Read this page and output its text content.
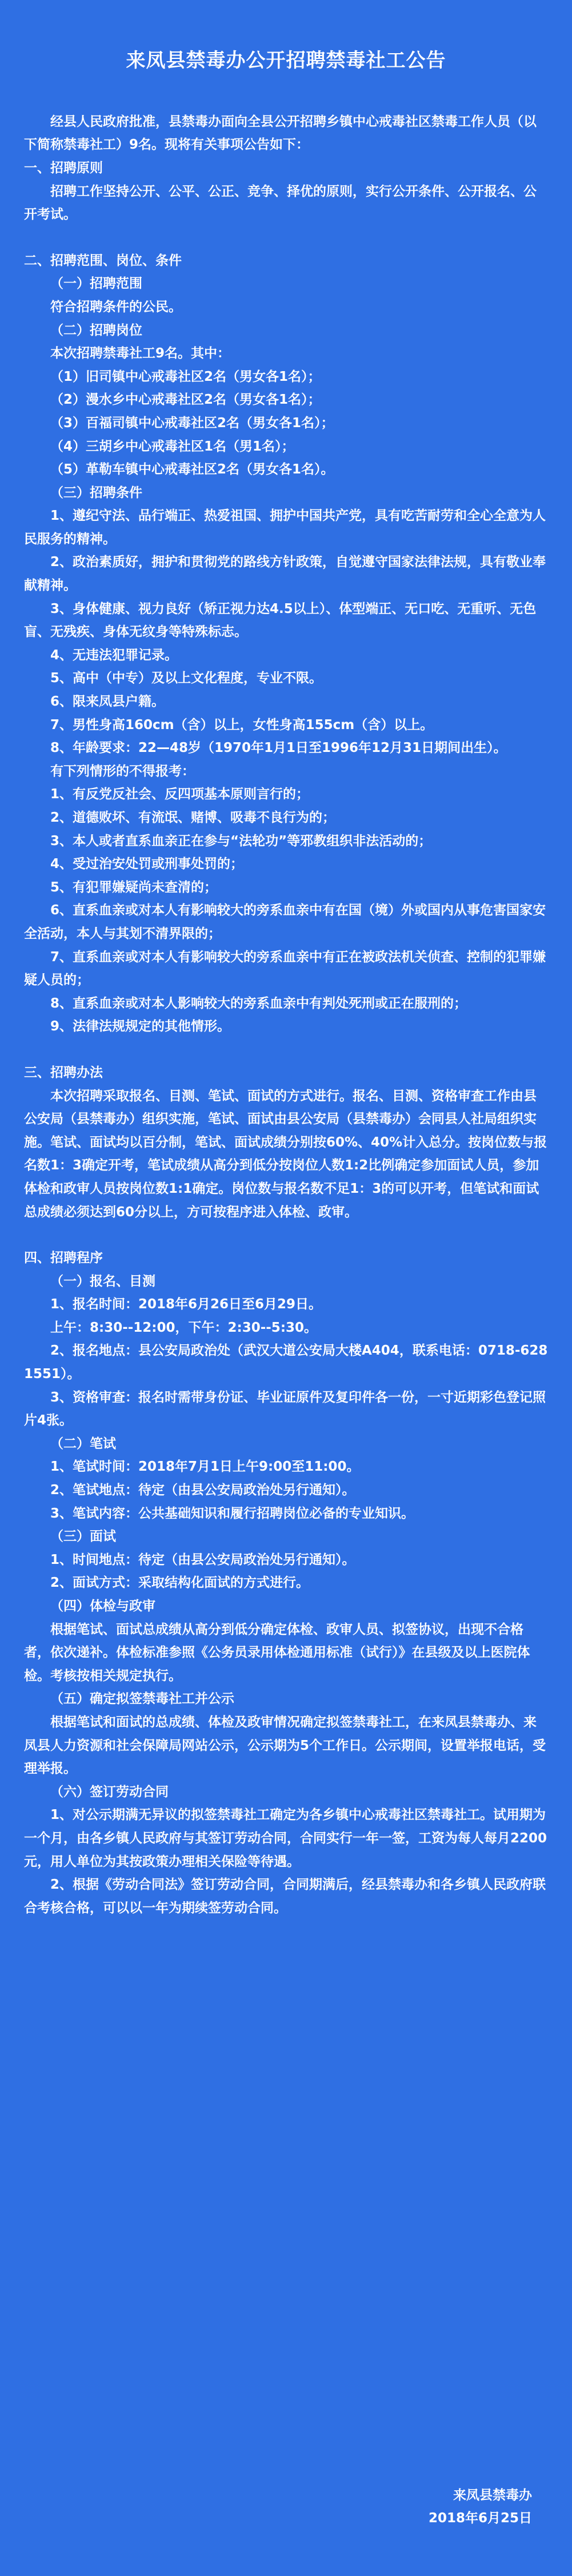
来凤县禁毒办公开招聘禁毒社工公告

经县人民政府批准，县禁毒办面向全县公开招聘乡镇中心戒毒社区禁毒工作人员（以下简称禁毒社工）9名。现将有关事项公告如下：

一、招聘原则

招聘工作坚持公开、公平、公正、竞争、择优的原则，实行公开条件、公开报名、公开考试。

二、招聘范围、岗位、条件

（一）招聘范围

符合招聘条件的公民。

（二）招聘岗位

本次招聘禁毒社工9名。其中：

（1）旧司镇中心戒毒社区2名（男女各1名）；

（2）漫水乡中心戒毒社区2名（男女各1名）；

（3）百福司镇中心戒毒社区2名（男女各1名）；

（4）三胡乡中心戒毒社区1名（男1名）；

（5）革勒车镇中心戒毒社区2名（男女各1名）。

（三）招聘条件

1、遵纪守法、品行端正、热爱祖国、拥护中国共产党，具有吃苦耐劳和全心全意为人民服务的精神。

2、政治素质好，拥护和贯彻党的路线方针政策，自觉遵守国家法律法规，具有敬业奉献精神。

3、身体健康、视力良好（矫正视力达4.5以上）、体型端正、无口吃、无重听、无色盲、无残疾、身体无纹身等特殊标志。

4、无违法犯罪记录。

5、高中（中专）及以上文化程度，专业不限。

6、限来凤县户籍。

7、男性身高160cm（含）以上，女性身高155cm（含）以上。

8、年龄要求：22—48岁（1970年1月1日至1996年12月31日期间出生）。

有下列情形的不得报考：

1、有反党反社会、反四项基本原则言行的；

2、道德败坏、有流氓、赌博、吸毒不良行为的；

3、本人或者直系血亲正在参与“法轮功”等邪教组织非法活动的；

4、受过治安处罚或刑事处罚的；

5、有犯罪嫌疑尚未查清的；

6、直系血亲或对本人有影响较大的旁系血亲中有在国（境）外或国内从事危害国家安全活动，本人与其划不清界限的；

7、直系血亲或对本人有影响较大的旁系血亲中有正在被政法机关侦查、控制的犯罪嫌疑人员的；

8、直系血亲或对本人影响较大的旁系血亲中有判处死刑或正在服刑的；

9、法律法规规定的其他情形。

三、招聘办法

本次招聘采取报名、目测、笔试、面试的方式进行。报名、目测、资格审查工作由县公安局（县禁毒办）组织实施，笔试、面试由县公安局（县禁毒办）会同县人社局组织实施。笔试、面试均以百分制，笔试、面试成绩分别按60%、40%计入总分。按岗位数与报名数1：3确定开考，笔试成绩从高分到低分按岗位人数1:2比例确定参加面试人员，参加体检和政审人员按岗位数1:1确定。岗位数与报名数不足1：3的可以开考，但笔试和面试总成绩必须达到60分以上，方可按程序进入体检、政审。

四、招聘程序

（一）报名、目测

1、报名时间：2018年6月26日至6月29日。

上午：8:30--12:00，下午：2:30--5:30。

2、报名地点：县公安局政治处（武汉大道公安局大楼A404，联系电话：0718-6281551）。

3、资格审查：报名时需带身份证、毕业证原件及复印件各一份，一寸近期彩色登记照片4张。

（二）笔试

1、笔试时间：2018年7月1日上午9:00至11:00。

2、笔试地点：待定（由县公安局政治处另行通知）。

3、笔试内容：公共基础知识和履行招聘岗位必备的专业知识。

（三）面试

1、时间地点：待定（由县公安局政治处另行通知）。

2、面试方式：采取结构化面试的方式进行。

（四）体检与政审

根据笔试、面试总成绩从高分到低分确定体检、政审人员、拟签协议，出现不合格者，依次递补。体检标准参照《公务员录用体检通用标准（试行）》在县级及以上医院体检。考核按相关规定执行。

（五）确定拟签禁毒社工并公示

根据笔试和面试的总成绩、体检及政审情况确定拟签禁毒社工，在来凤县禁毒办、来凤县人力资源和社会保障局网站公示，公示期为5个工作日。公示期间，设置举报电话，受理举报。

（六）签订劳动合同

1、对公示期满无异议的拟签禁毒社工确定为各乡镇中心戒毒社区禁毒社工。试用期为一个月，由各乡镇人民政府与其签订劳动合同，合同实行一年一签，工资为每人每月2200元，用人单位为其按政策办理相关保险等待遇。

2、根据《劳动合同法》签订劳动合同，合同期满后，经县禁毒办和各乡镇人民政府联合考核合格，可以以一年为期续签劳动合同。

来凤县禁毒办
2018年6月25日
